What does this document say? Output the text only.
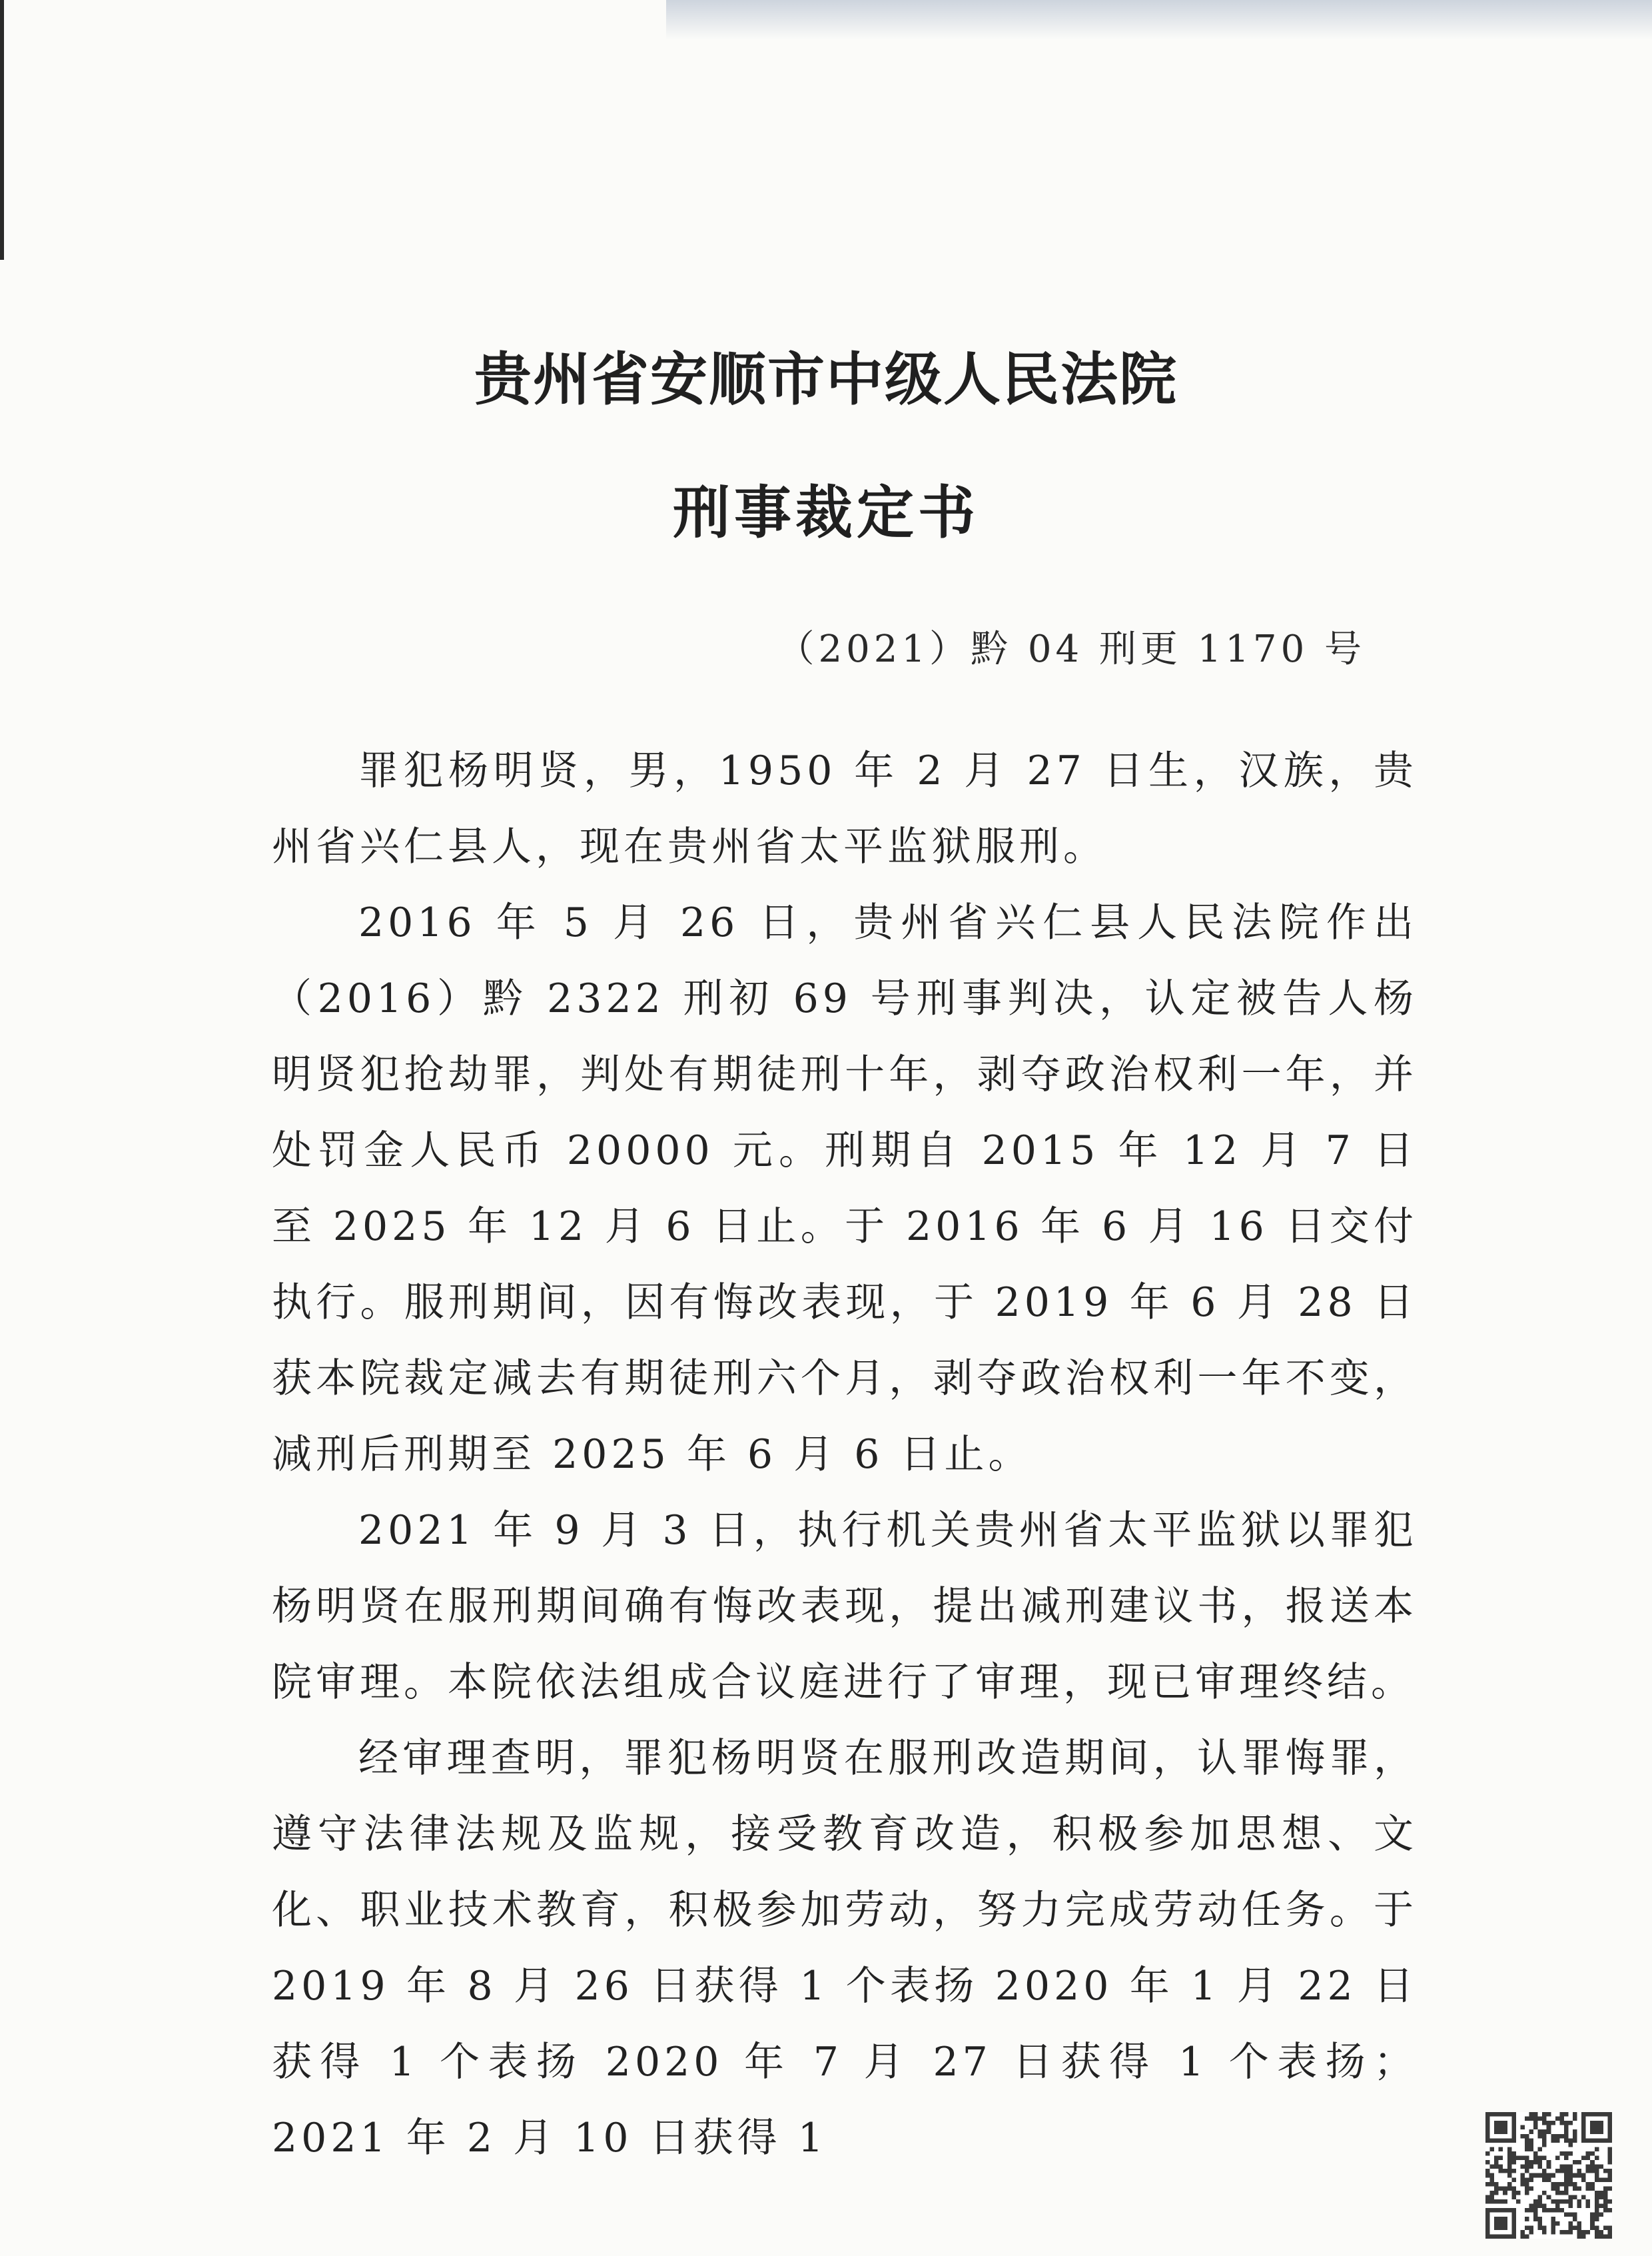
贵州省安顺市中级人民法院
刑事裁定书
（2021）黔 04 刑更 1170 号

罪犯杨明贤，男，1950 年 2 月 27 日生，汉族，贵州省兴仁县人，现在贵州省太平监狱服刑。

2016 年 5 月 26 日，贵州省兴仁县人民法院作出（2016）黔 2322 刑初 69 号刑事判决，认定被告人杨明贤犯抢劫罪，判处有期徒刑十年，剥夺政治权利一年，并处罚金人民币 20000 元。刑期自 2015 年 12 月 7 日至 2025 年 12 月 6 日止。于 2016 年 6 月 16 日交付执行。服刑期间，因有悔改表现，于 2019 年 6 月 28 日获本院裁定减去有期徒刑六个月，剥夺政治权利一年不变，减刑后刑期至 2025 年 6 月 6 日止。

2021 年 9 月 3 日，执行机关贵州省太平监狱以罪犯杨明贤在服刑期间确有悔改表现，提出减刑建议书，报送本院审理。本院依法组成合议庭进行了审理，现已审理终结。

经审理查明，罪犯杨明贤在服刑改造期间，认罪悔罪，遵守法律法规及监规，接受教育改造，积极参加思想、文化、职业技术教育，积极参加劳动，努力完成劳动任务。于 2019 年 8 月 26 日获得 1 个表扬 2020 年 1 月 22 日获得 1 个表扬 2020 年 7 月 27 日获得 1 个表扬；2021 年 2 月 10 日获得 1
